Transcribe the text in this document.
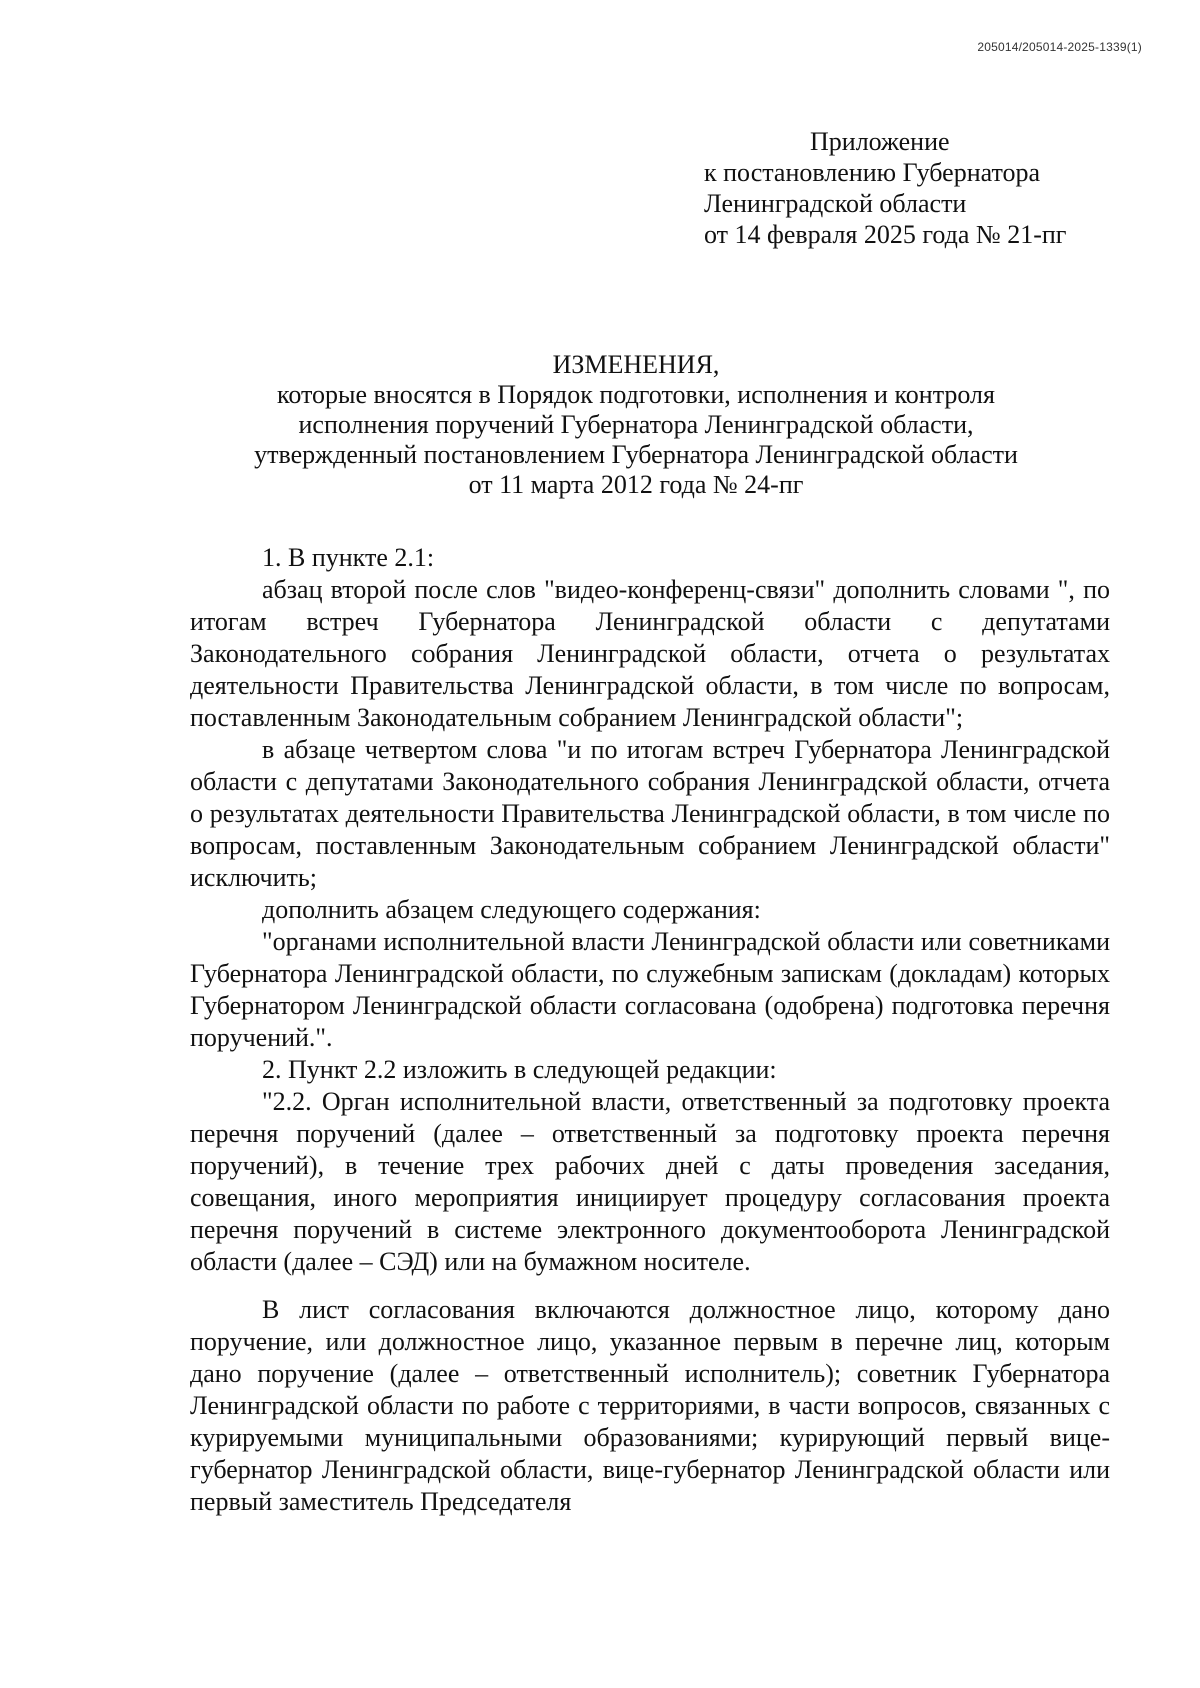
205014/205014-2025-1339(1)
Приложение
к постановлению Губернатора
Ленинградской области
от 14 февраля 2025 года № 21-пг
ИЗМЕНЕНИЯ,
которые вносятся в Порядок подготовки, исполнения и контроля
исполнения поручений Губернатора Ленинградской области,
утвержденный постановлением Губернатора Ленинградской области
от 11 марта 2012 года № 24-пг

1. В пункте 2.1:

абзац второй после слов "видео-конференц-связи" дополнить словами ", по итогам встреч Губернатора Ленинградской области с депутатами Законодательного собрания Ленинградской области, отчета о результатах деятельности Правительства Ленинградской области, в том числе по вопросам, поставленным Законодательным собранием Ленинградской области";

в абзаце четвертом слова "и по итогам встреч Губернатора Ленинградской области с депутатами Законодательного собрания Ленинградской области, отчета о результатах деятельности Правительства Ленинградской области, в том числе по вопросам, поставленным Законодательным собранием Ленинградской области" исключить;

дополнить абзацем следующего содержания:

"органами исполнительной власти Ленинградской области или советниками Губернатора Ленинградской области, по служебным запискам (докладам) которых Губернатором Ленинградской области согласована (одобрена) подготовка перечня поручений.".

2. Пункт 2.2 изложить в следующей редакции:

"2.2. Орган исполнительной власти, ответственный за подготовку проекта перечня поручений (далее – ответственный за подготовку проекта перечня поручений), в течение трех рабочих дней с даты проведения заседания, совещания, иного мероприятия инициирует процедуру согласования проекта перечня поручений в системе электронного документооборота Ленинградской области (далее – СЭД) или на бумажном носителе.

В лист согласования включаются должностное лицо, которому дано поручение, или должностное лицо, указанное первым в перечне лиц, которым дано поручение (далее – ответственный исполнитель); советник Губернатора Ленинградской области по работе с территориями, в части вопросов, связанных с курируемыми муниципальными образованиями; курирующий первый вице-губернатор Ленинградской области, вице-губернатор Ленинградской области или первый заместитель Председателя
